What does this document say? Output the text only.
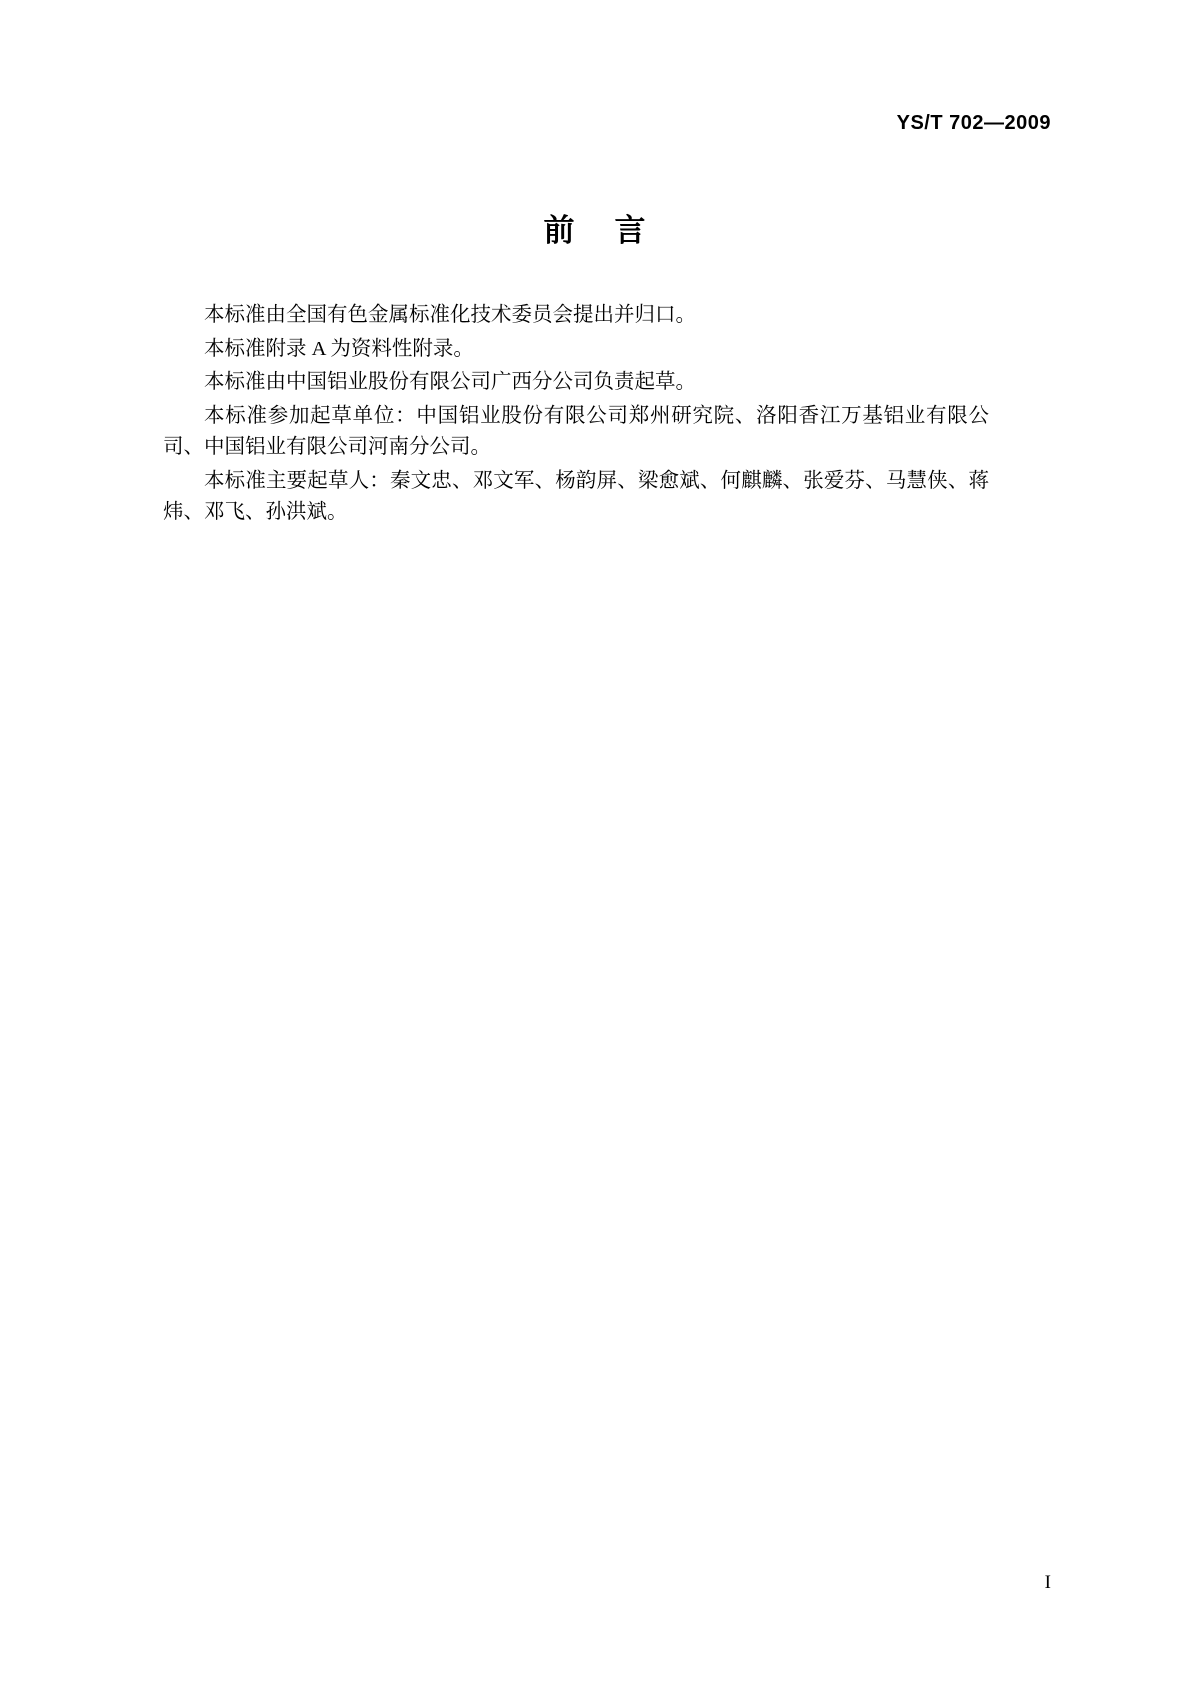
YS/T 702—2009
前 言

本标准由全国有色金属标准化技术委员会提出并归口。

本标准附录 A 为资料性附录。

本标准由中国铝业股份有限公司广西分公司负责起草。

本标准参加起草单位：中国铝业股份有限公司郑州研究院、洛阳香江万基铝业有限公司、中国铝业有限公司河南分公司。

本标准主要起草人：秦文忠、邓文军、杨韵屏、梁愈斌、何麒麟、张爱芬、马慧侠、蒋炜、邓飞、孙洪斌。

I
